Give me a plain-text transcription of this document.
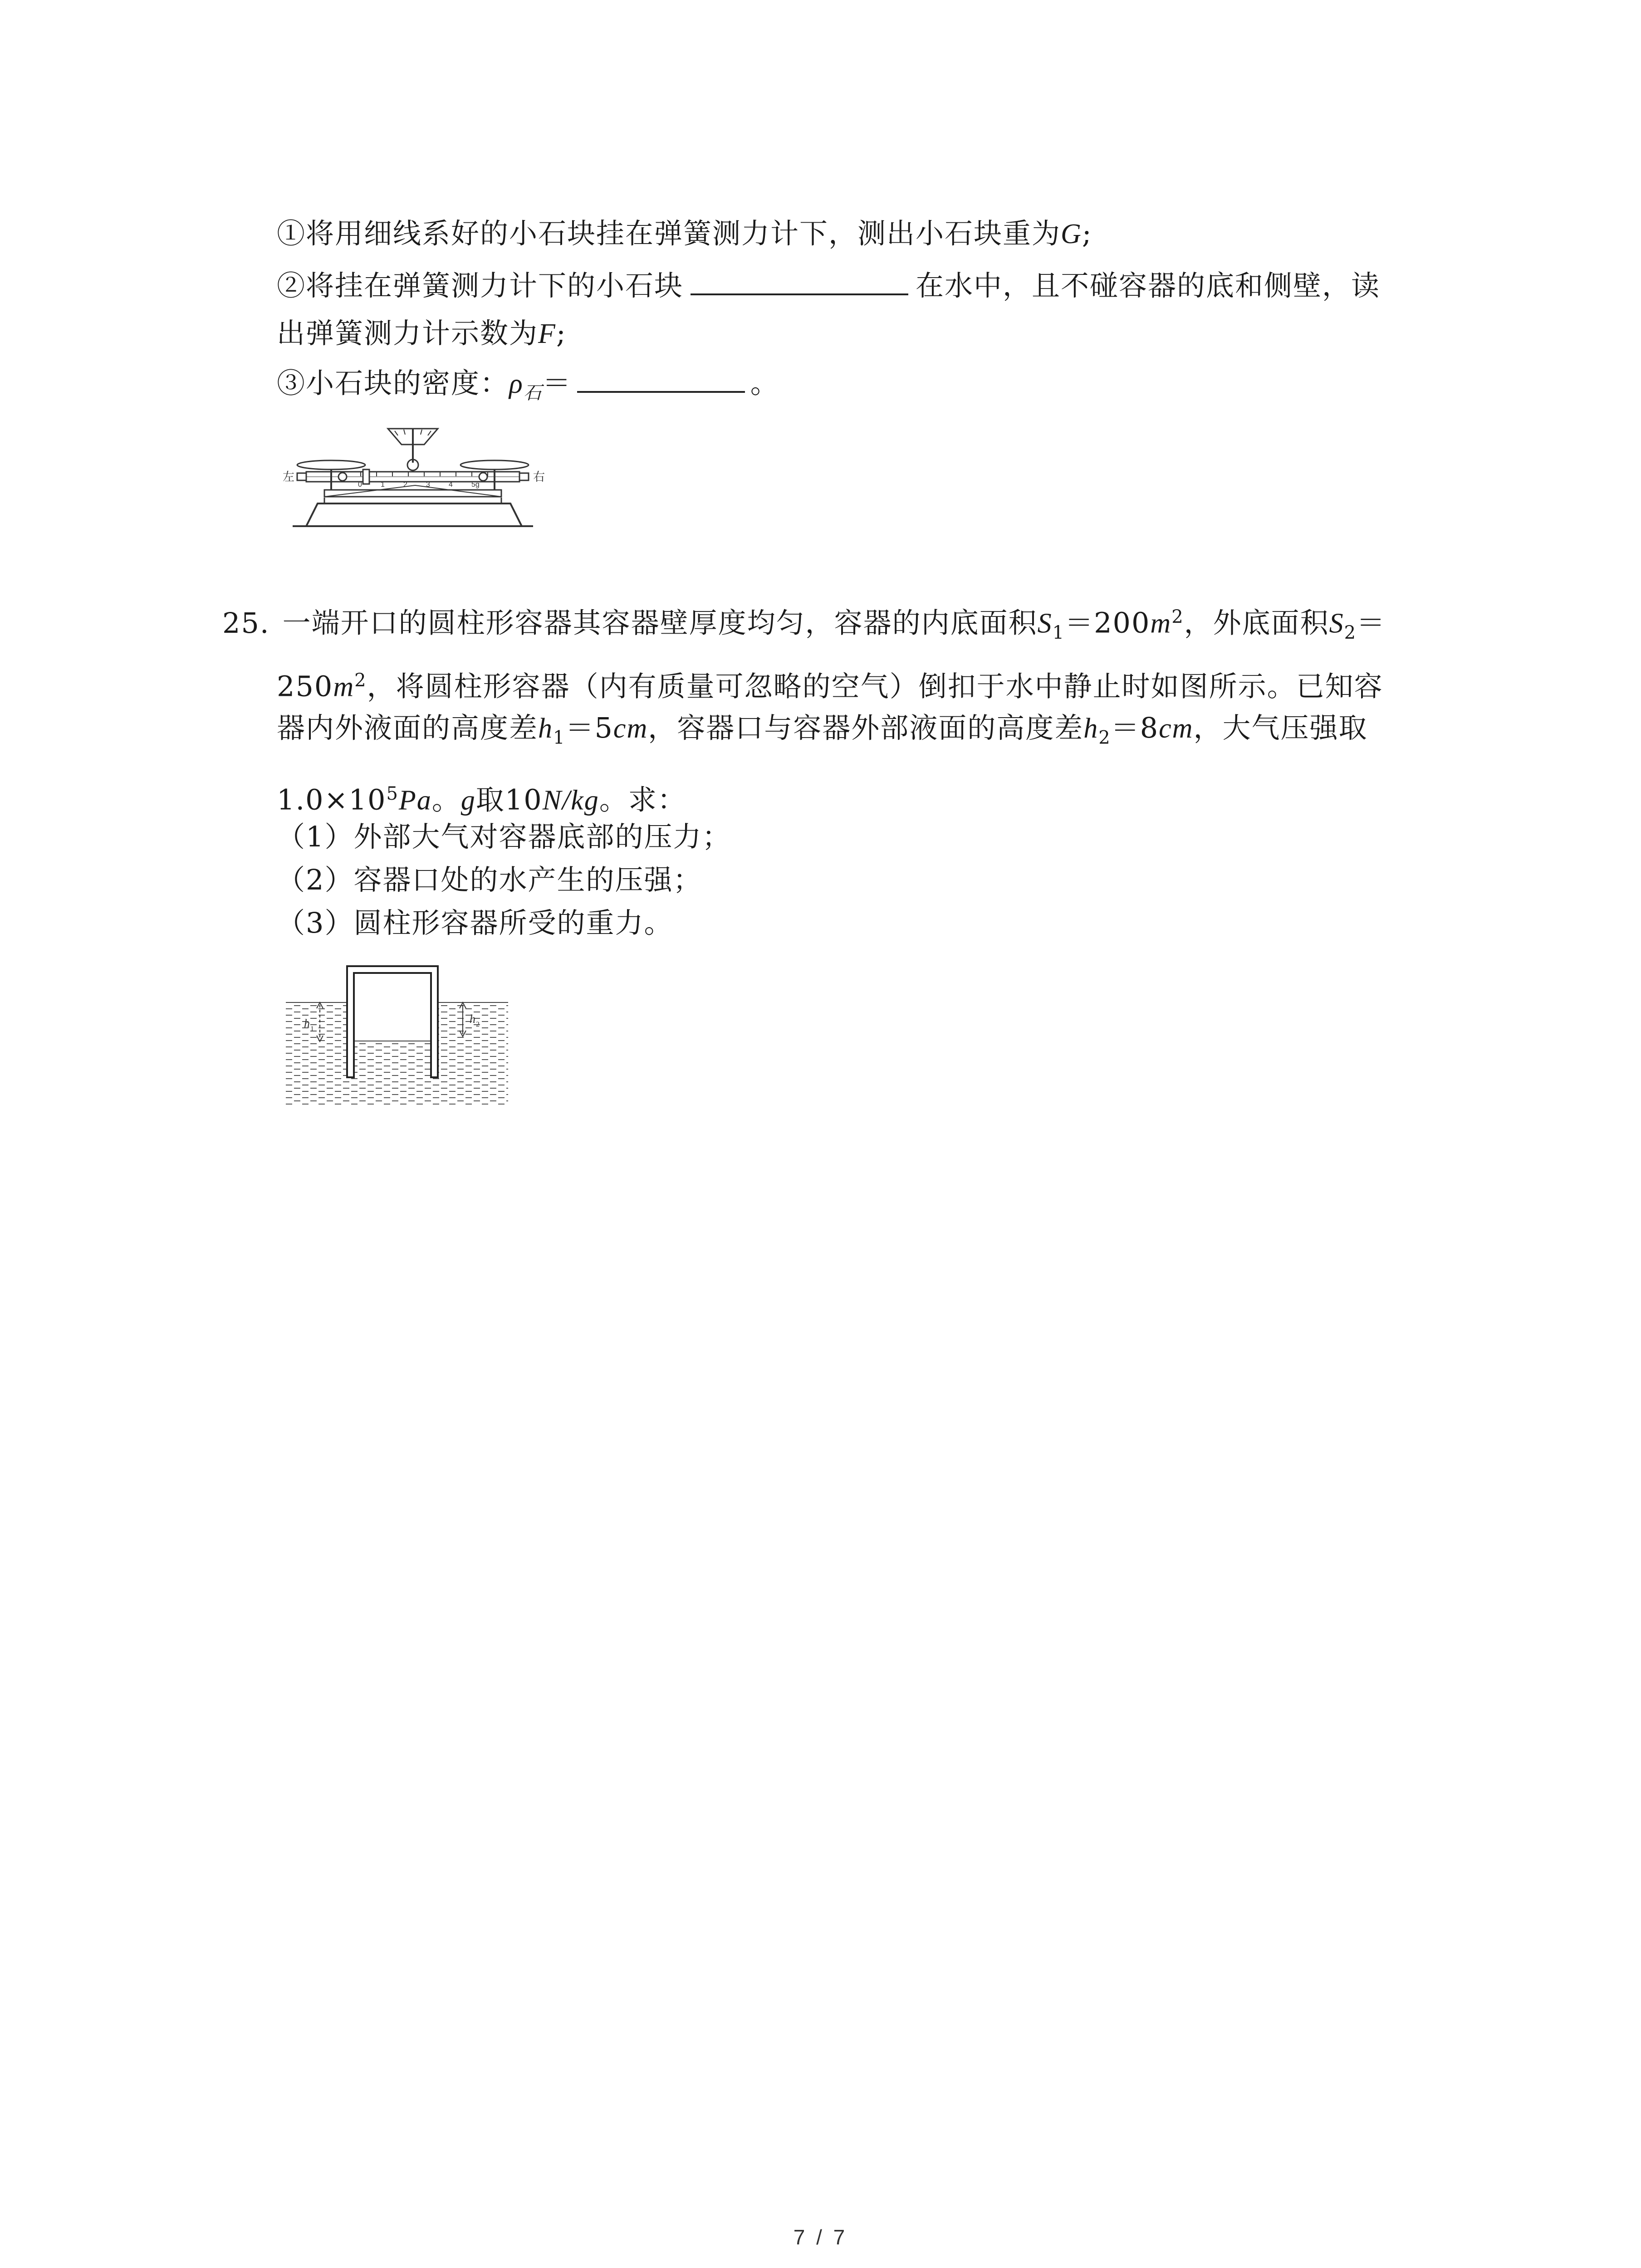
①将用细线系好的小石块挂在弹簧测力计下，测出小石块重为G;
②将挂在弹簧测力计下的小石块	在水中，且不碰容器的底和侧壁，读
出弹簧测力计示数为F;
③小石块的密度：$\rho_石=$	。
0	1	2	3	4	5g
左	右
25. 一端开口的圆柱形容器其容器壁厚度均匀，容器的内底面积$S_1=200m^2$，外底面积$S_2=$
$250m^2$，将圆柱形容器（内有质量可忽略的空气）倒扣于水中静止时如图所示。已知容
器内外液面的高度差$h_1=5cm$，容器口与容器外部液面的高度差$h_2=8cm$，大气压强取
$1.0\times 10^5Pa$。g取10N/kg。求：
（1）外部大气对容器底部的压力；
（2）容器口处的水产生的压强；
（3）圆柱形容器所受的重力。
h 1
h 2
7 / 7
